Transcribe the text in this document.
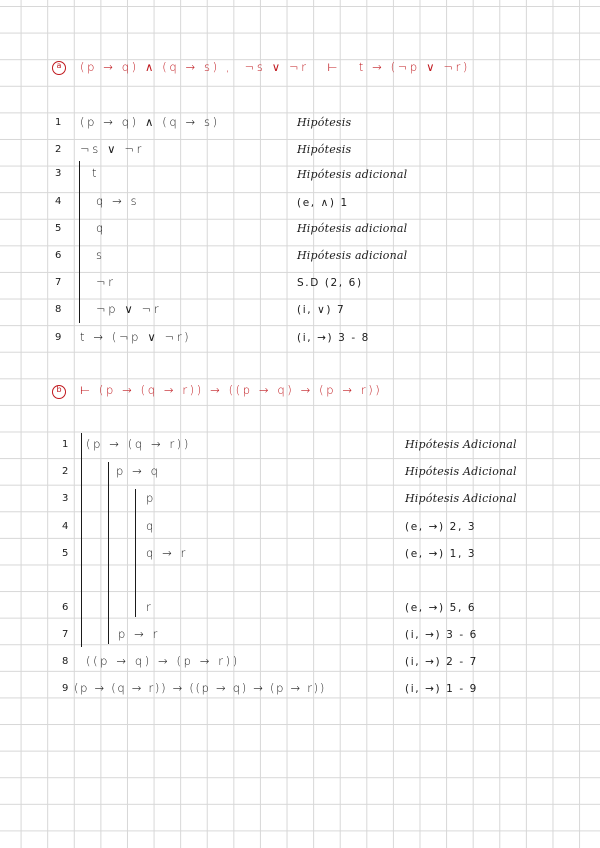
a	(p → q) ∧ (q → s) ,  ¬s ∨ ¬r   ⊢   t → (¬p ∨ ¬r)
1 (p → q) ∧ (q → s)	Hipótesis
2 ¬s ∨ ¬r	Hipótesis
3	t	Hipótesis adicional
4	q → s	(e, ∧) 1
5	q	Hipótesis adicional
6	s	Hipótesis adicional
7	¬r	S.D (2, 6)
8	¬p ∨ ¬r	(i, ∨) 7
9 t → (¬p ∨ ¬r)	(i, →) 3 - 8
b	⊢ (p → (q → r)) → ((p → q) → (p → r))
1 (p → (q → r))	Hipótesis Adicional
2	p → q	Hipótesis Adicional
3	p	Hipótesis Adicional
4	q	(e, →) 2, 3
5	q → r	(e, →) 1, 3
6	r	(e, →) 5, 6
7	p → r	(i, →) 3 - 6
8 ((p → q) → (p → r))	(i, →) 2 - 7
9 (p → (q → r)) → ((p → q) → (p → r))	(i, →) 1 - 9
